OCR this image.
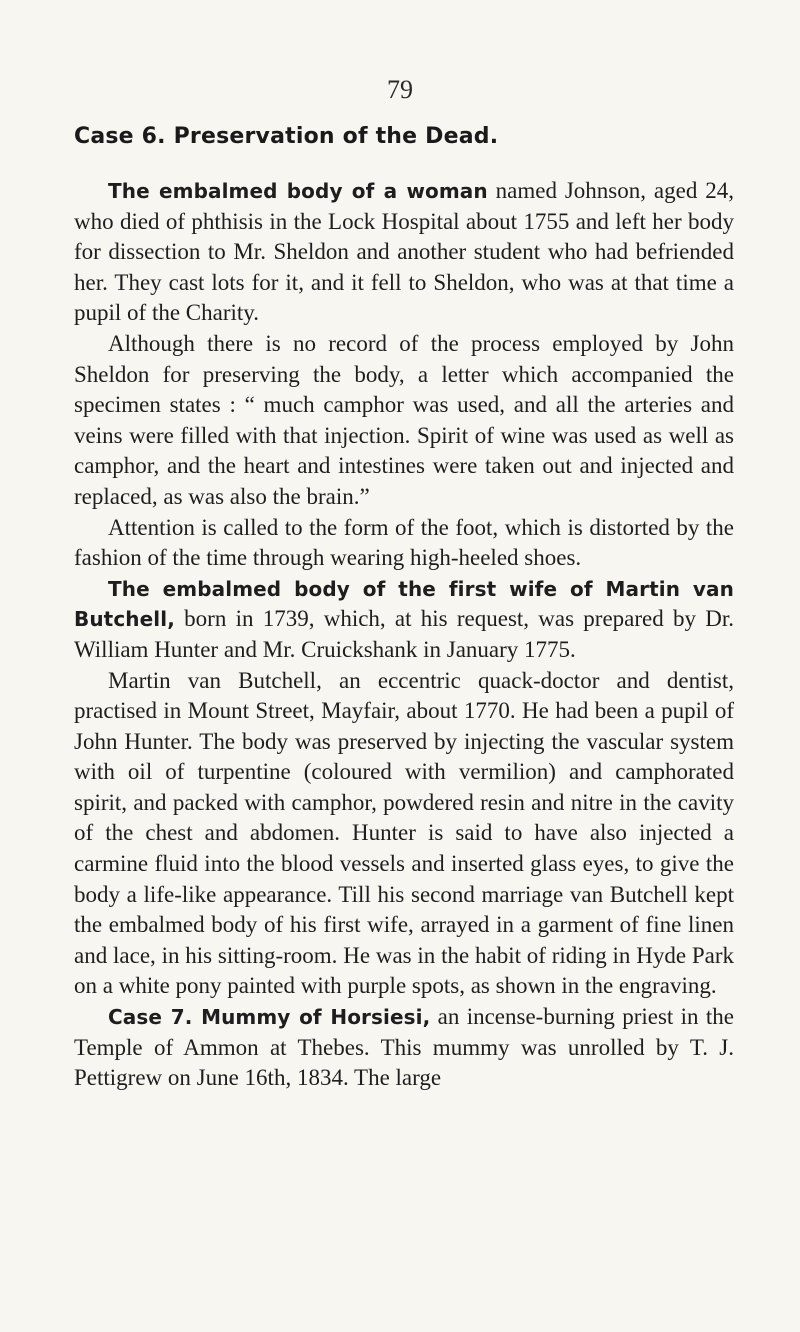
79
Case 6. Preservation of the Dead.

The embalmed body of a woman named Johnson, aged 24, who died of phthisis in the Lock Hospital about 1755 and left her body for dissection to Mr. Sheldon and another student who had befriended her. They cast lots for it, and it fell to Sheldon, who was at that time a pupil of the Charity.

Although there is no record of the process employed by John Sheldon for preserving the body, a letter which accompanied the specimen states : “ much camphor was used, and all the arteries and veins were filled with that injection. Spirit of wine was used as well as camphor, and the heart and intestines were taken out and injected and replaced, as was also the brain.”

Attention is called to the form of the foot, which is distorted by the fashion of the time through wearing high-heeled shoes.

The embalmed body of the first wife of Martin van Butchell, born in 1739, which, at his request, was prepared by Dr. William Hunter and Mr. Cruickshank in January 1775.

Martin van Butchell, an eccentric quack-doctor and dentist, practised in Mount Street, Mayfair, about 1770. He had been a pupil of John Hunter. The body was preserved by injecting the vascular system with oil of turpentine (coloured with vermilion) and camphorated spirit, and packed with camphor, powdered resin and nitre in the cavity of the chest and abdomen. Hunter is said to have also injected a carmine fluid into the blood vessels and inserted glass eyes, to give the body a life-like appearance. Till his second marriage van Butchell kept the embalmed body of his first wife, arrayed in a garment of fine linen and lace, in his sitting-room. He was in the habit of riding in Hyde Park on a white pony painted with purple spots, as shown in the engraving.

Case 7. Mummy of Horsiesi, an incense-burning priest in the Temple of Ammon at Thebes. This mummy was unrolled by T. J. Pettigrew on June 16th, 1834. The large
